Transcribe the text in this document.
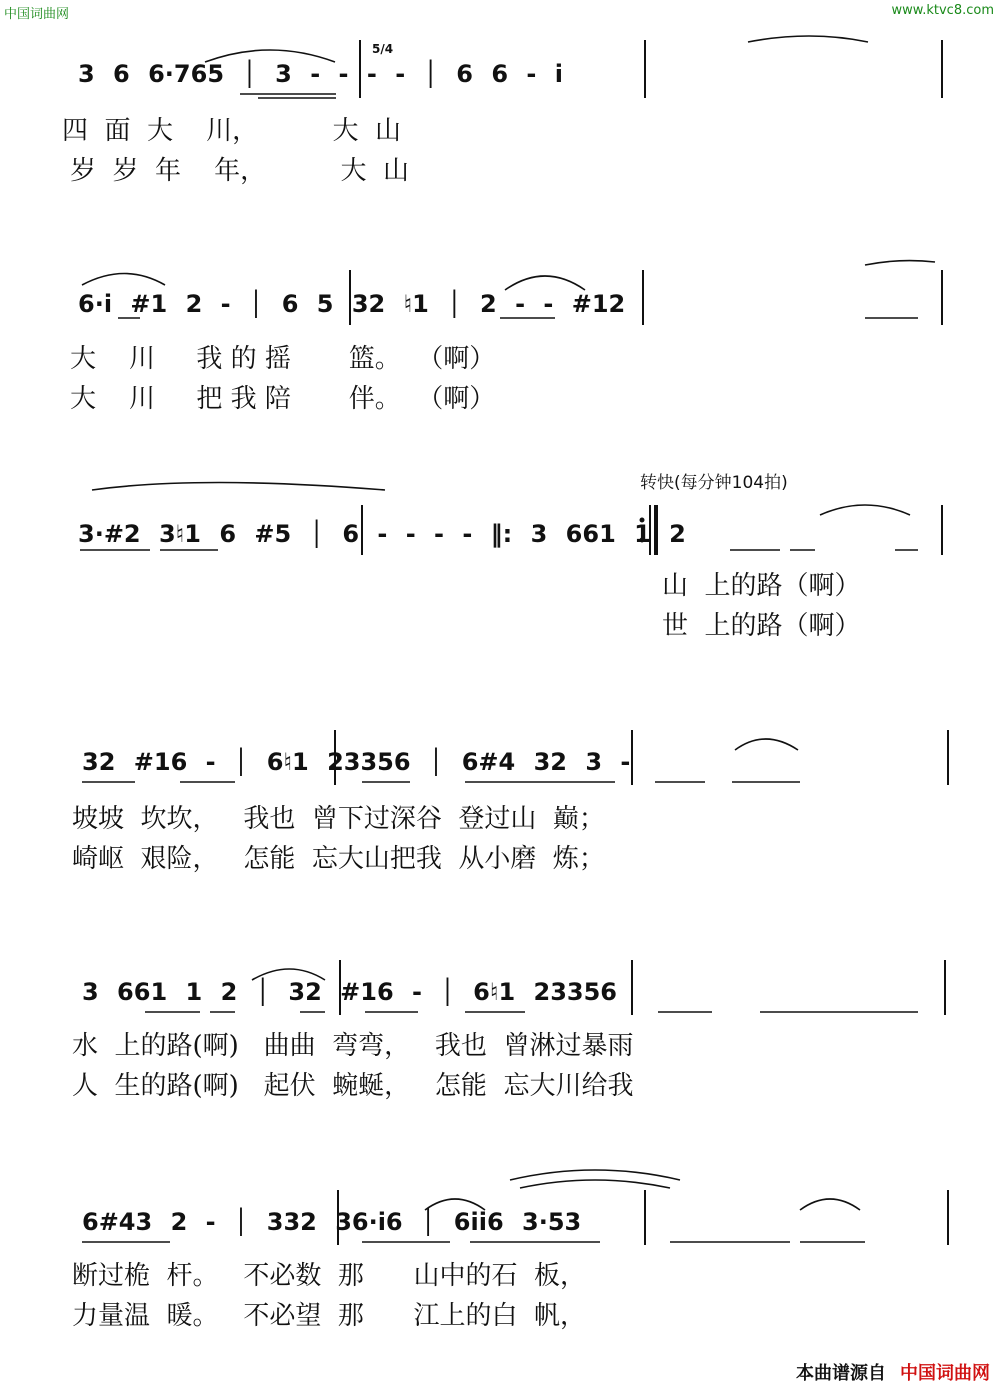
中国词曲网	www.ktvc8.com
3 6 6·765 │ 3 - - - - │ 6 6 - i
四  面  大    川，         大  山
岁  岁  年    年，         大  山
6·i #1 2 - │ 6 5 32 ♮1 │ 2 - - #12
大    川     我 的 摇       篮。  （啊）
大    川     把 我 陪       伴。  （啊）
转快(每分钟104拍)
3·#2 3♮1 6 #5 │ 6 - - - - ‖: 3 661 1 2
山  上的路（啊）
世  上的路（啊）
32 #16 - │ 6♮1 23356 │ 6#4 32 3 -
坡坡  坎坎，   我也  曾下过深谷  登过山  巅；
崎岖  艰险，   怎能  忘大山把我  从小磨  炼；
3 661 1 2 │ 32 #16 - │ 6♮1 23356
水  上的路(啊)   曲曲  弯弯，   我也  曾淋过暴雨
人  生的路(啊)   起伏  蜿蜒，   怎能  忘大川给我
6#43 2 - │ 332 36·i6 │ 6ii6 3·53
断过桅  杆。   不必数  那      山中的石  板，
力量温  暖。   不必望  那      江上的白  帆，
本曲谱源自 中国词曲网
5/4
